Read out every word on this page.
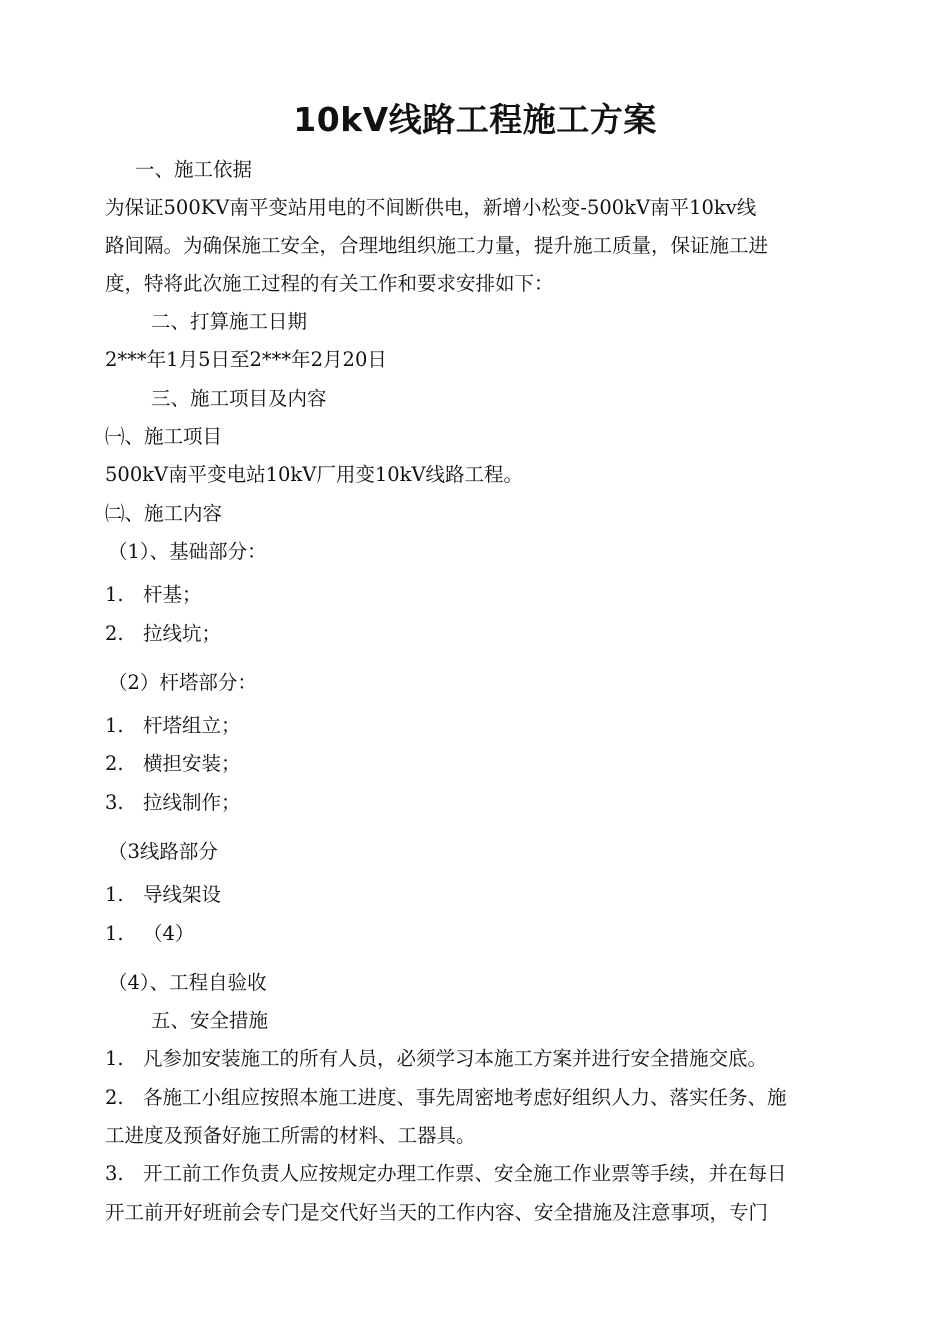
10kV线路工程施工方案
一、施工依据
为保证500KV南平变站用电的不间断供电，新增小松变-500kV南平10kv线
路间隔。为确保施工安全，合理地组织施工力量，提升施工质量，保证施工进
度，特将此次施工过程的有关工作和要求安排如下：
二、打算施工日期
2***年1月5日至2***年2月20日
三、施工项目及内容
㈠、施工项目
500kV南平变电站10kV厂用变10kV线路工程。
㈡、施工内容
（1）、基础部分：
1. 杆基；
2. 拉线坑；
（2）杆塔部分：
1. 杆塔组立；
2. 横担安装；
3. 拉线制作；
（3线路部分
1. 导线架设
1. （4）
（4）、工程自验收
五、安全措施
1. 凡参加安装施工的所有人员，必须学习本施工方案并进行安全措施交底。
2. 各施工小组应按照本施工进度、事先周密地考虑好组织人力、落实任务、施
工进度及预备好施工所需的材料、工器具。
3. 开工前工作负责人应按规定办理工作票、安全施工作业票等手续，并在每日
开工前开好班前会专门是交代好当天的工作内容、安全措施及注意事项，专门
